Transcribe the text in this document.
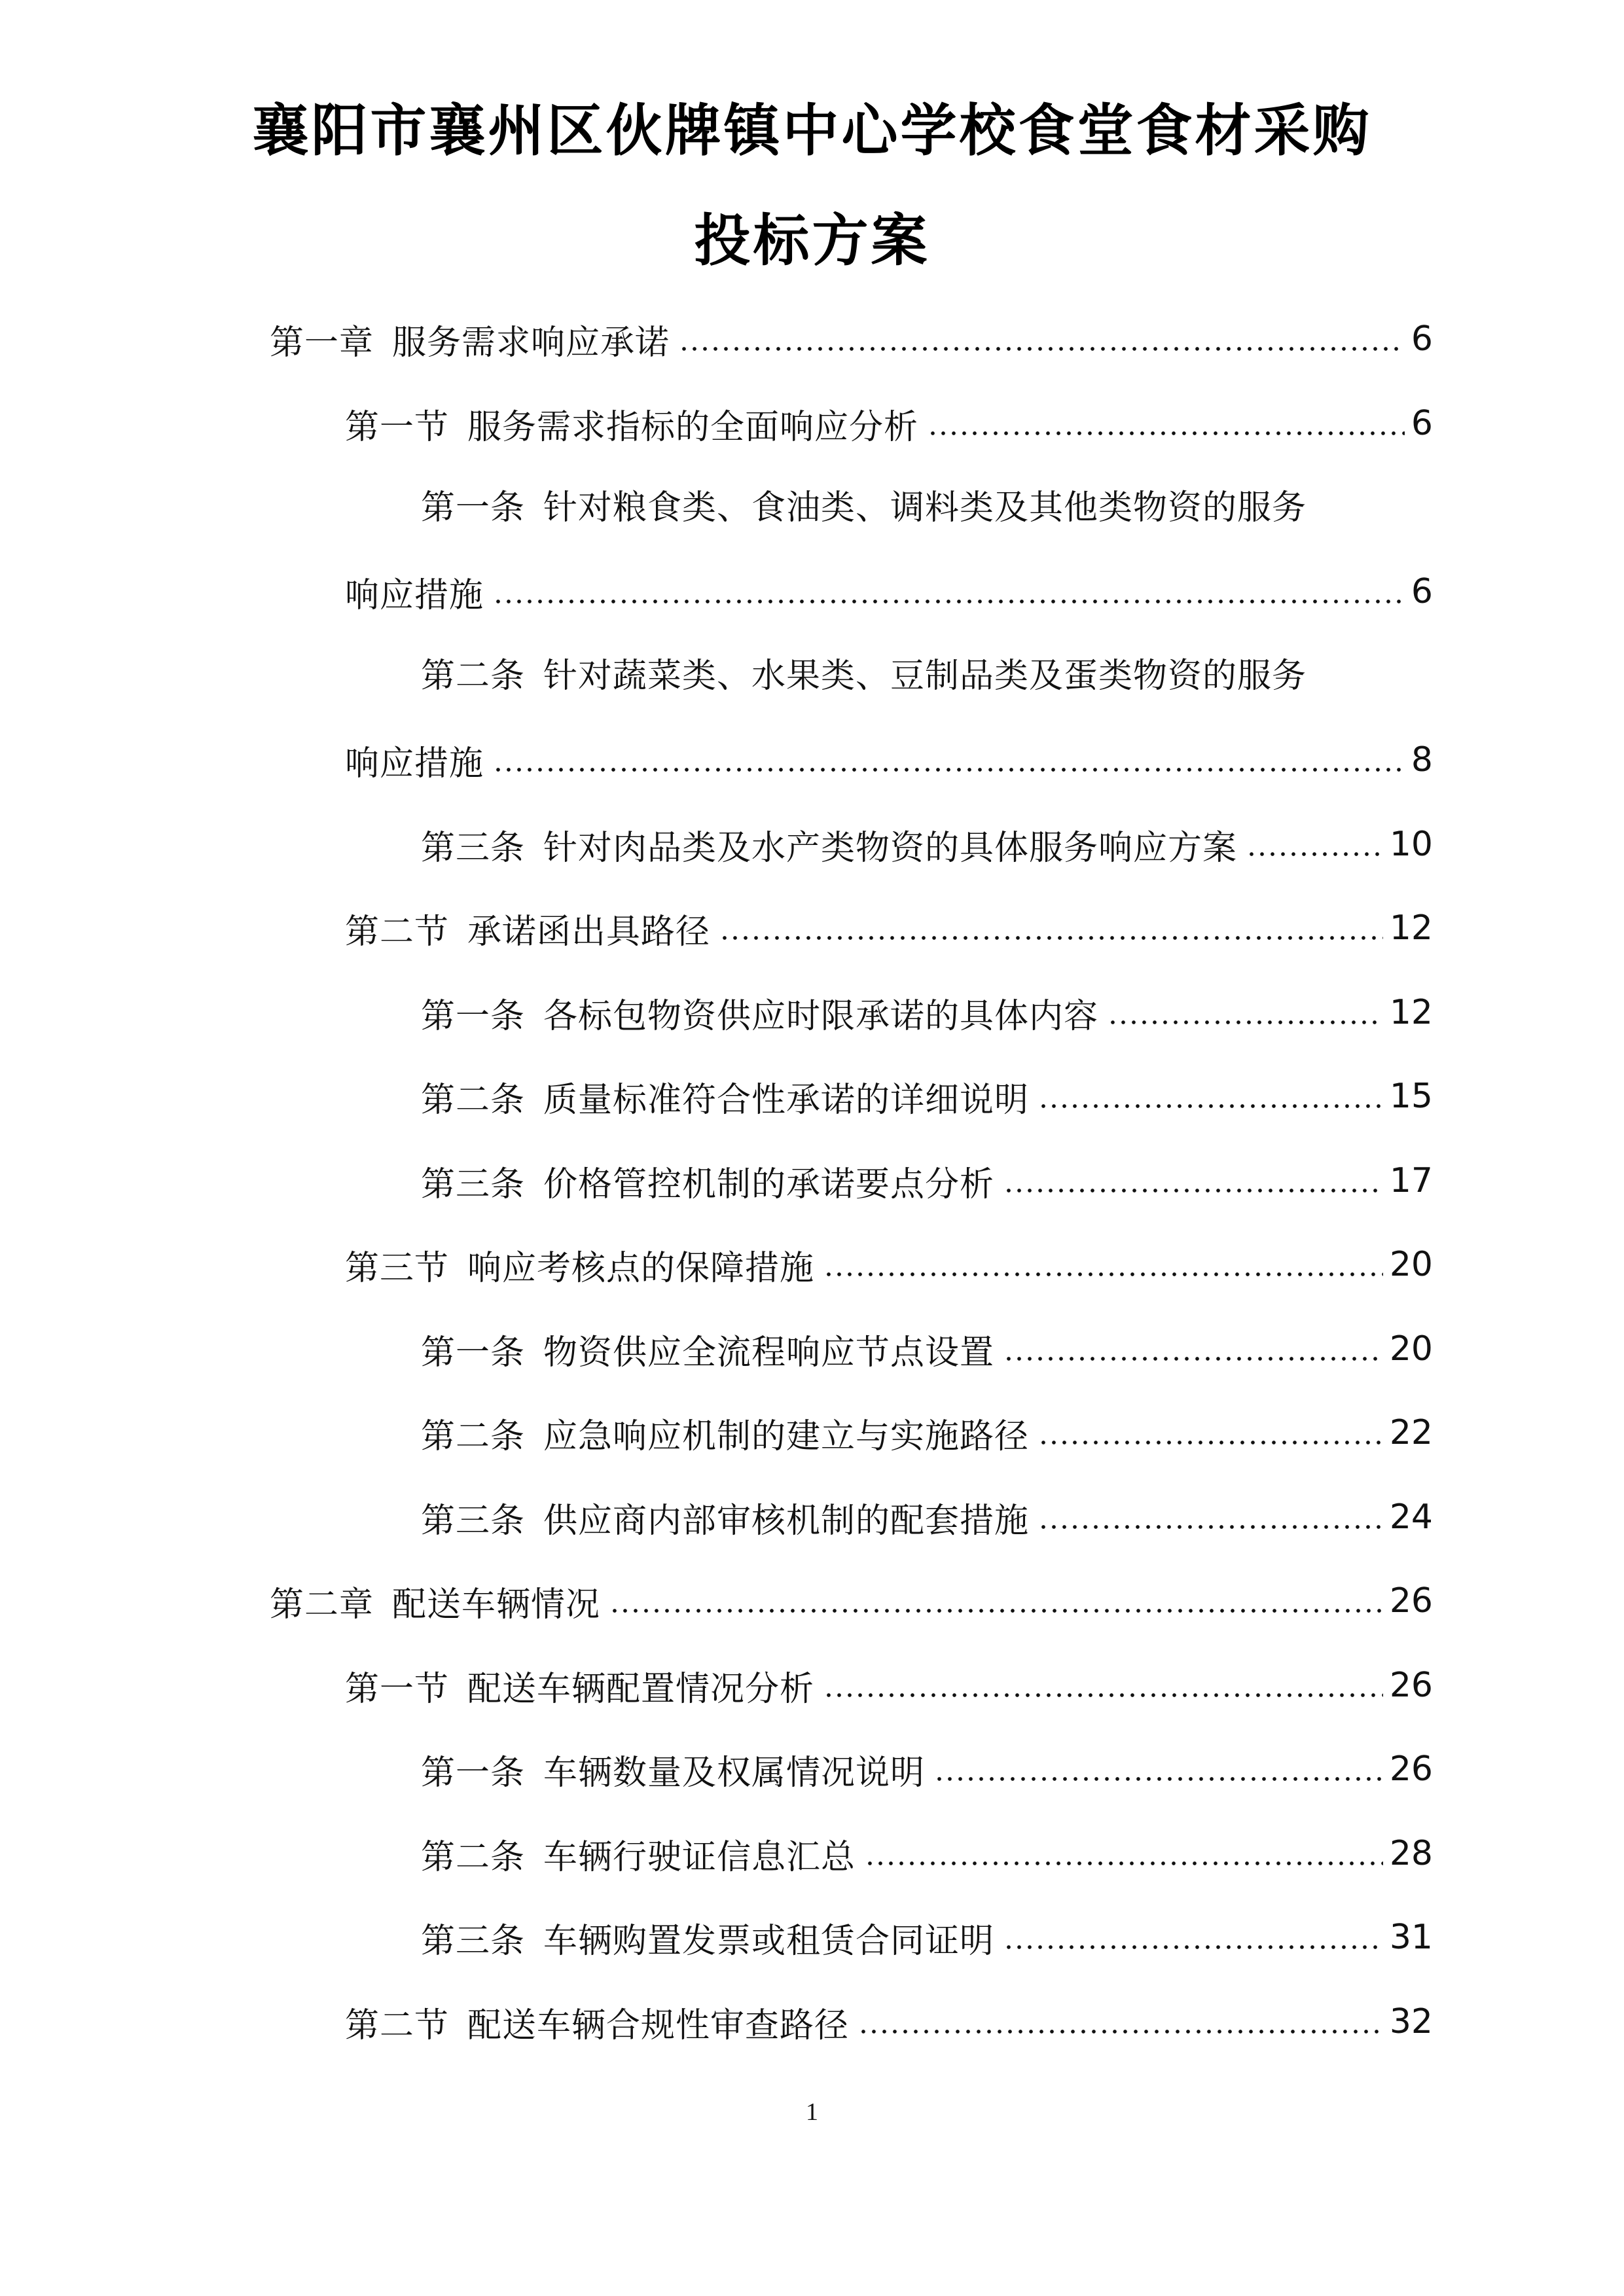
襄阳市襄州区伙牌镇中心学校食堂食材采购
投标方案
第一章 服务需求响应承诺	6
第一节 服务需求指标的全面响应分析	6
第一条 针对粮食类、食油类、调料类及其他类物资的服务
响应措施	6
第二条 针对蔬菜类、水果类、豆制品类及蛋类物资的服务
响应措施	8
第三条 针对肉品类及水产类物资的具体服务响应方案	10
第二节 承诺函出具路径	12
第一条 各标包物资供应时限承诺的具体内容	12
第二条 质量标准符合性承诺的详细说明	15
第三条 价格管控机制的承诺要点分析	17
第三节 响应考核点的保障措施	20
第一条 物资供应全流程响应节点设置	20
第二条 应急响应机制的建立与实施路径	22
第三条 供应商内部审核机制的配套措施	24
第二章 配送车辆情况	26
第一节 配送车辆配置情况分析	26
第一条 车辆数量及权属情况说明	26
第二条 车辆行驶证信息汇总	28
第三条 车辆购置发票或租赁合同证明	31
第二节 配送车辆合规性审查路径	32
1
